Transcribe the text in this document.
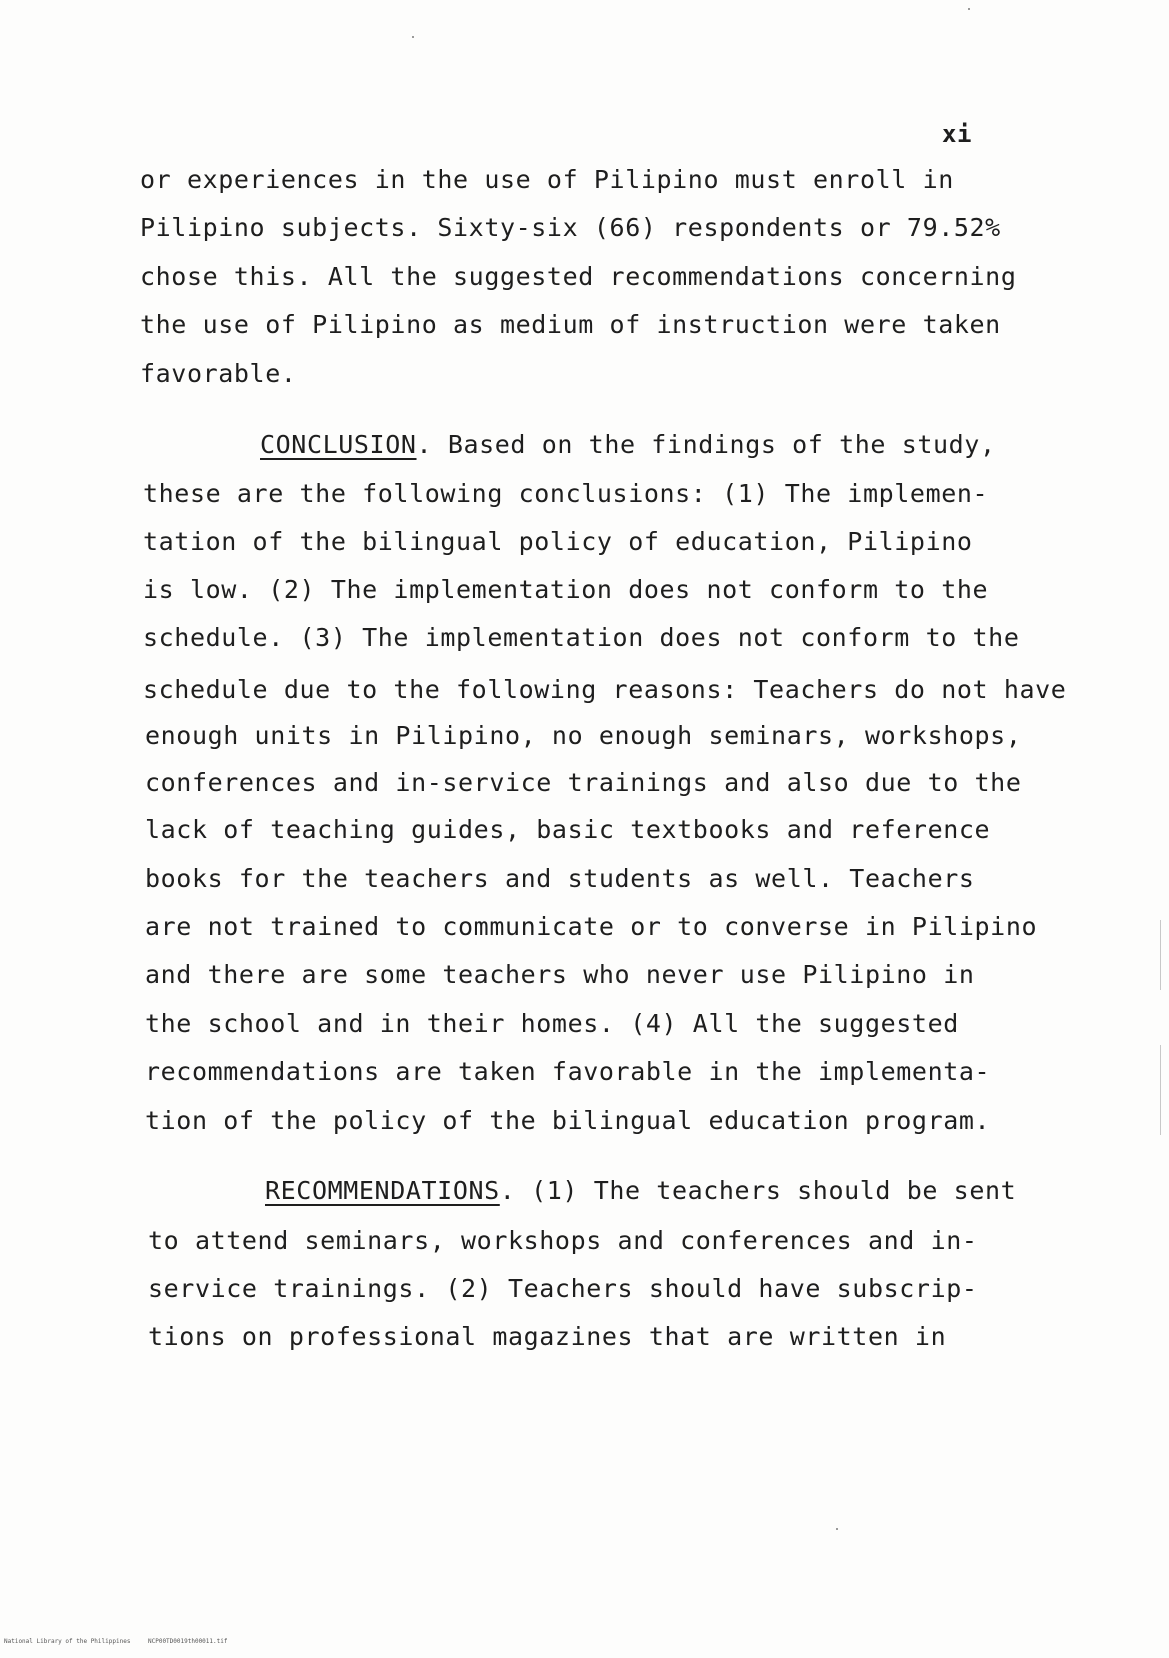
xi
or experiences in the use of Pilipino must enroll in
Pilipino subjects. Sixty-six (66) respondents or 79.52%
chose this. All the suggested recommendations concerning
the use of Pilipino as medium of instruction were taken
favorable.
CONCLUSION. Based on the findings of the study,
these are the following conclusions: (1) The implemen-
tation of the bilingual policy of education, Pilipino
is low. (2) The implementation does not conform to the
schedule. (3) The implementation does not conform to the
schedule due to the following reasons: Teachers do not have
enough units in Pilipino, no enough seminars, workshops,
conferences and in-service trainings and also due to the
lack of teaching guides, basic textbooks and reference
books for the teachers and students as well. Teachers
are not trained to communicate or to converse in Pilipino
and there are some teachers who never use Pilipino in
the school and in their homes. (4) All the suggested
recommendations are taken favorable in the implementa-
tion of the policy of the bilingual education program.
RECOMMENDATIONS. (1) The teachers should be sent
to attend seminars, workshops and conferences and in-
service trainings. (2) Teachers should have subscrip-
tions on professional magazines that are written in
National Library of the Philippines	NCP00TD0019th00011.tif
